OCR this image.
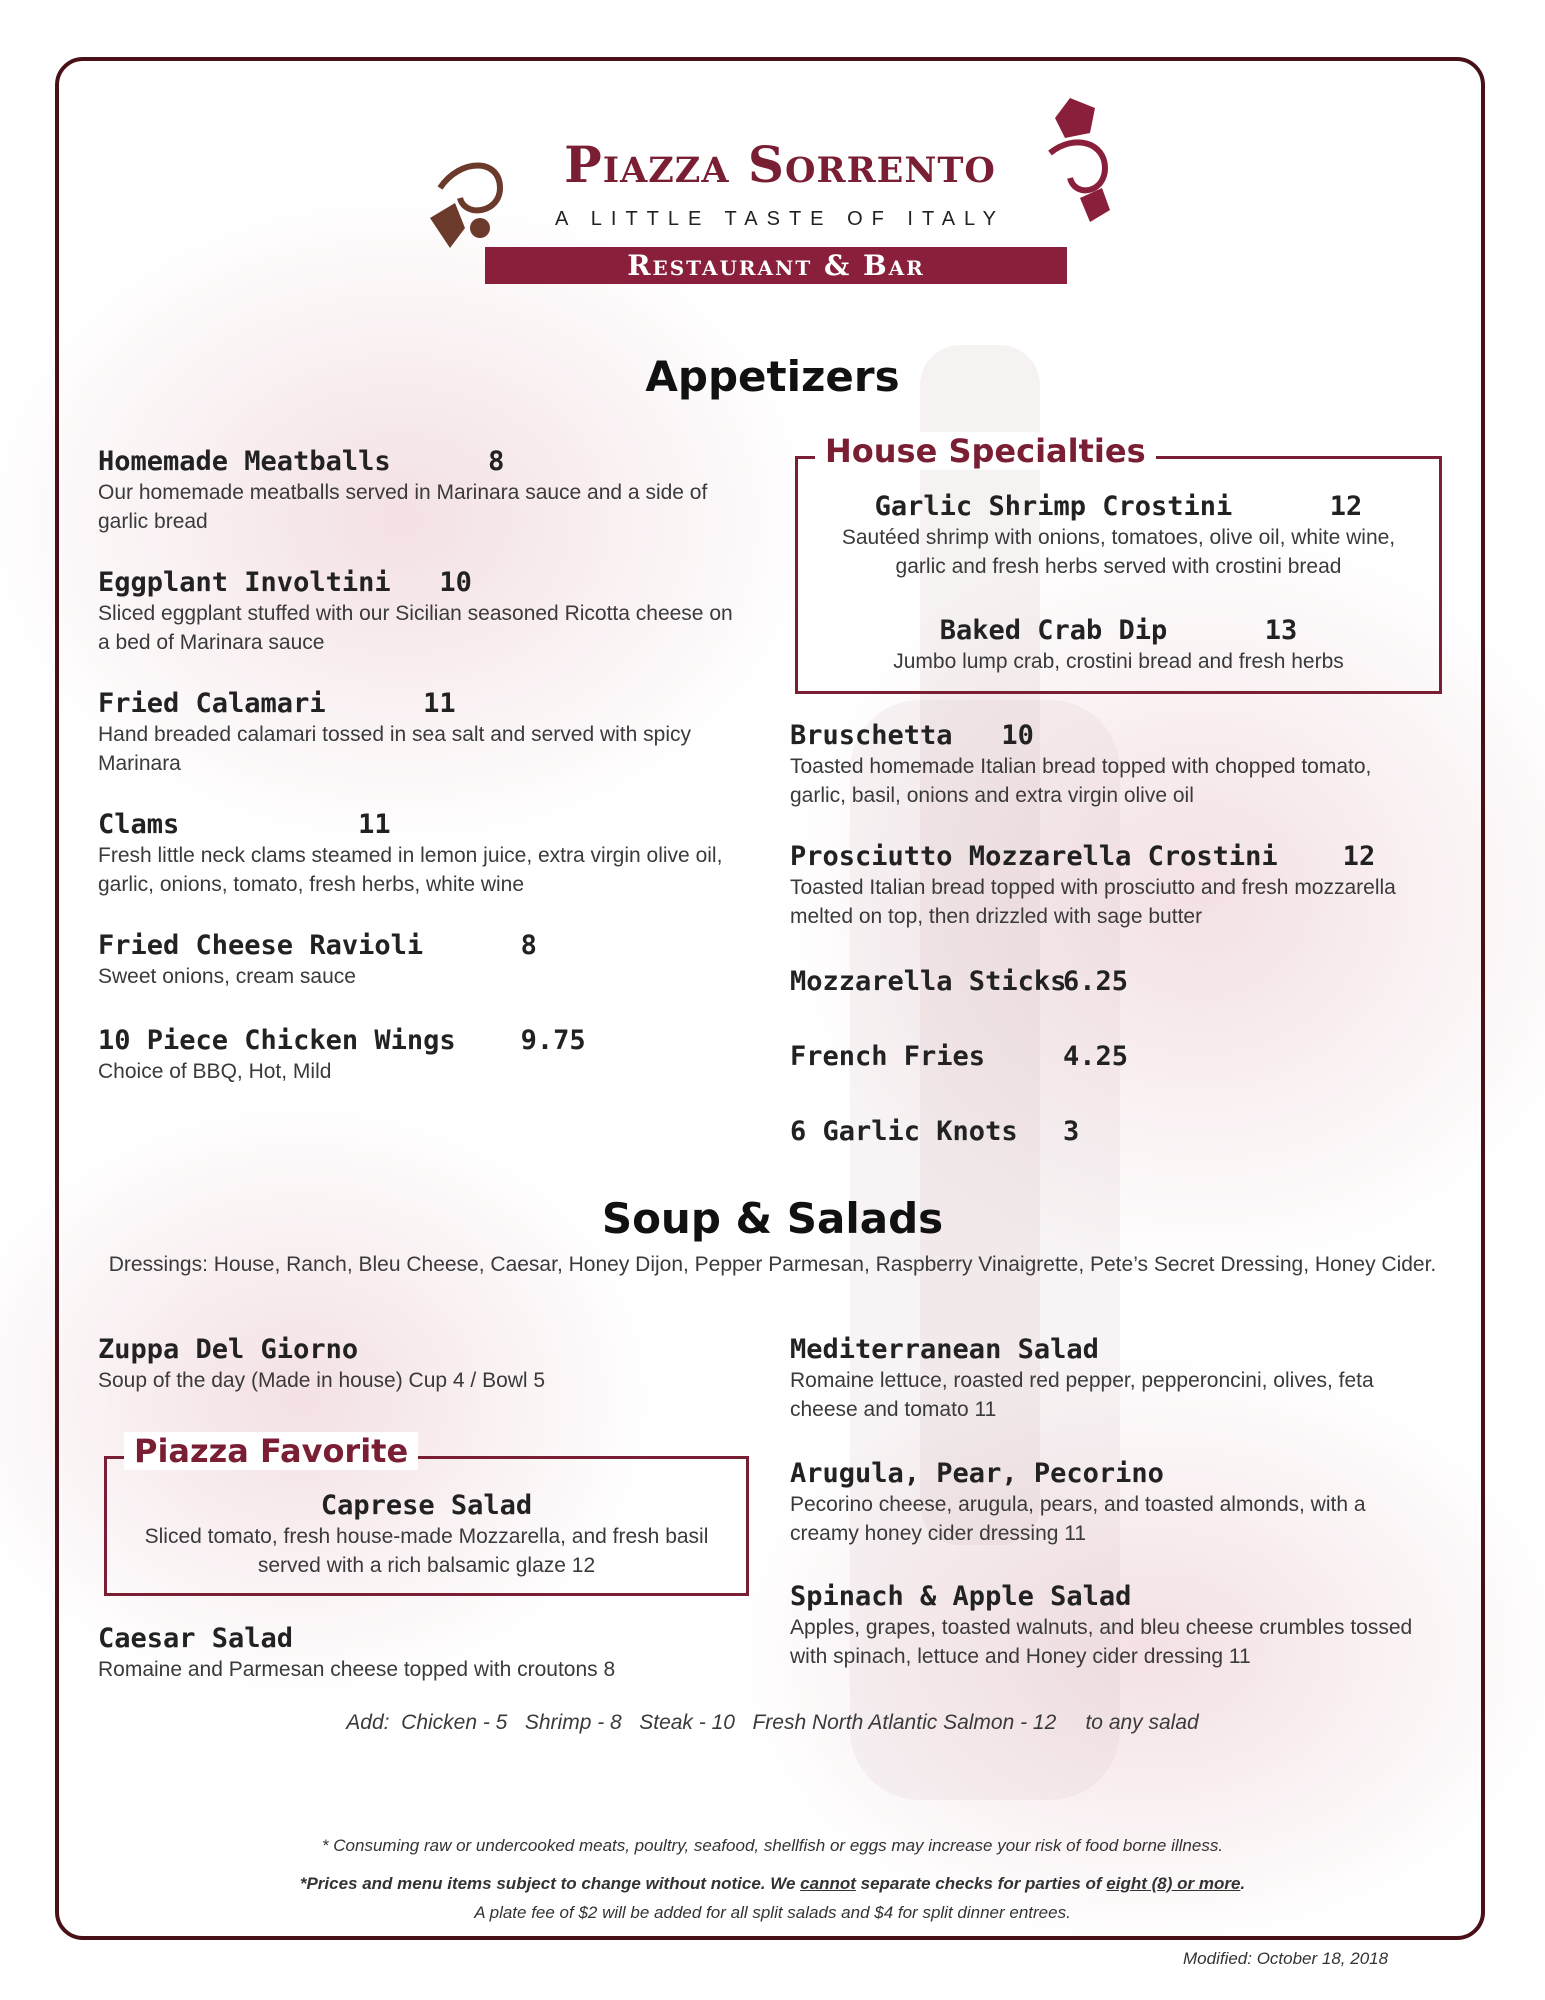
Piazza Sorrento
A LITTLE TASTE OF ITALY
Restaurant & Bar
Appetizers
Homemade Meatballs      8
Our homemade meatballs served in Marinara sauce and a side of garlic bread
Eggplant Involtini   10
Sliced eggplant stuffed with our Sicilian seasoned Ricotta cheese on a bed of Marinara sauce
Fried Calamari      11
Hand breaded calamari tossed in sea salt and served with spicy Marinara
Clams           11
Fresh little neck clams steamed in lemon juice, extra virgin olive oil, garlic, onions, tomato, fresh herbs, white wine
Fried Cheese Ravioli      8
Sweet onions, cream sauce
10 Piece Chicken Wings    9.75
Choice of BBQ, Hot, Mild
House Specialties
Garlic Shrimp Crostini      12
Sautéed shrimp with onions, tomatoes, olive oil, white wine, garlic and fresh herbs served with crostini bread
Baked Crab Dip      13
Jumbo lump crab, crostini bread and fresh herbs
Bruschetta   10
Toasted homemade Italian bread topped with chopped tomato, garlic, basil, onions and extra virgin olive oil
Prosciutto Mozzarella Crostini    12
Toasted Italian bread topped with prosciutto and fresh mozzarella melted on top, then drizzled with sage butter
Mozzarella Sticks
6.25
French Fries	4.25
6 Garlic Knots 3
Soup & Salads
Dressings: House, Ranch, Bleu Cheese, Caesar, Honey Dijon, Pepper Parmesan, Raspberry Vinaigrette, Pete’s Secret Dressing, Honey Cider.
Zuppa Del Giorno
Soup of the day (Made in house) Cup 4 / Bowl 5
Piazza Favorite
Caprese Salad
Sliced tomato, fresh house-made Mozzarella, and fresh basil served with a rich balsamic glaze 12
Caesar Salad
Romaine and Parmesan cheese topped with croutons 8
Mediterranean Salad
Romaine lettuce, roasted red pepper, pepperoncini, olives, feta cheese and tomato 11
Arugula, Pear, Pecorino
Pecorino cheese, arugula, pears, and toasted almonds, with a creamy honey cider dressing 11
Spinach & Apple Salad
Apples, grapes, toasted walnuts, and bleu cheese crumbles tossed with spinach, lettuce and Honey cider dressing 11
Add:  Chicken - 5   Shrimp - 8   Steak - 10   Fresh North Atlantic Salmon - 12     to any salad
* Consuming raw or undercooked meats, poultry, seafood, shellfish or eggs may increase your risk of food borne illness.
*Prices and menu items subject to change without notice. We cannot separate checks for parties of eight (8) or more.
A plate fee of $2 will be added for all split salads and $4 for split dinner entrees.
Modified: October 18, 2018
